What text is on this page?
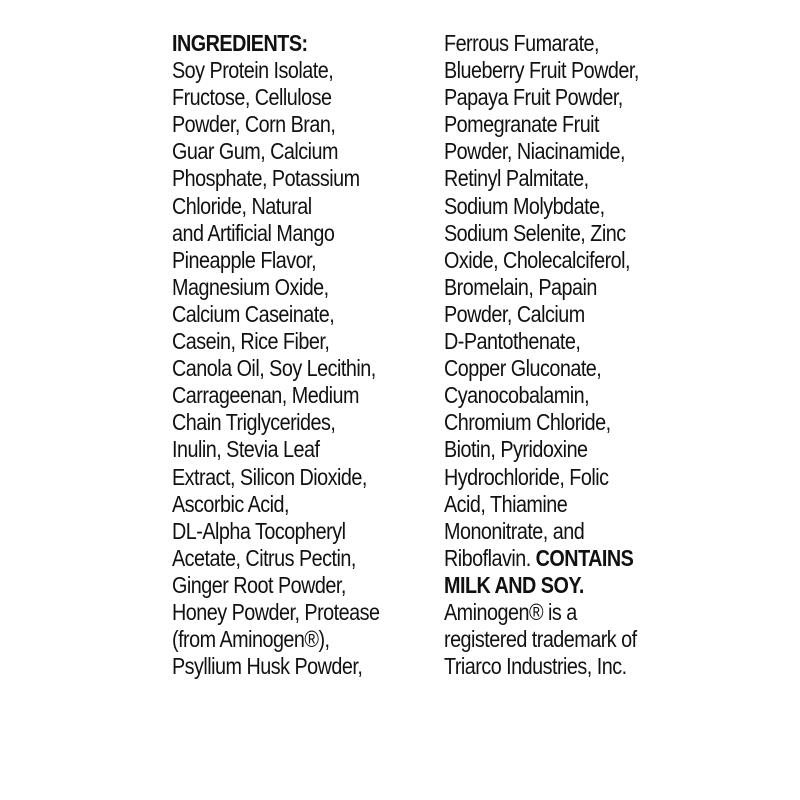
INGREDIENTS:
Soy Protein Isolate,
Fructose, Cellulose
Powder, Corn Bran,
Guar Gum, Calcium
Phosphate, Potassium
Chloride, Natural
and Artificial Mango
Pineapple Flavor,
Magnesium Oxide,
Calcium Caseinate,
Casein, Rice Fiber,
Canola Oil, Soy Lecithin,
Carrageenan, Medium
Chain Triglycerides,
Inulin, Stevia Leaf
Extract, Silicon Dioxide,
Ascorbic Acid,
DL-Alpha Tocopheryl
Acetate, Citrus Pectin,
Ginger Root Powder,
Honey Powder, Protease
(from Aminogen®),
Psyllium Husk Powder,
Ferrous Fumarate,
Blueberry Fruit Powder,
Papaya Fruit Powder,
Pomegranate Fruit
Powder, Niacinamide,
Retinyl Palmitate,
Sodium Molybdate,
Sodium Selenite, Zinc
Oxide, Cholecalciferol,
Bromelain, Papain
Powder, Calcium
D-Pantothenate,
Copper Gluconate,
Cyanocobalamin,
Chromium Chloride,
Biotin, Pyridoxine
Hydrochloride, Folic
Acid, Thiamine
Mononitrate, and
Riboflavin. CONTAINS
MILK AND SOY.
Aminogen® is a
registered trademark of
Triarco Industries, Inc.
